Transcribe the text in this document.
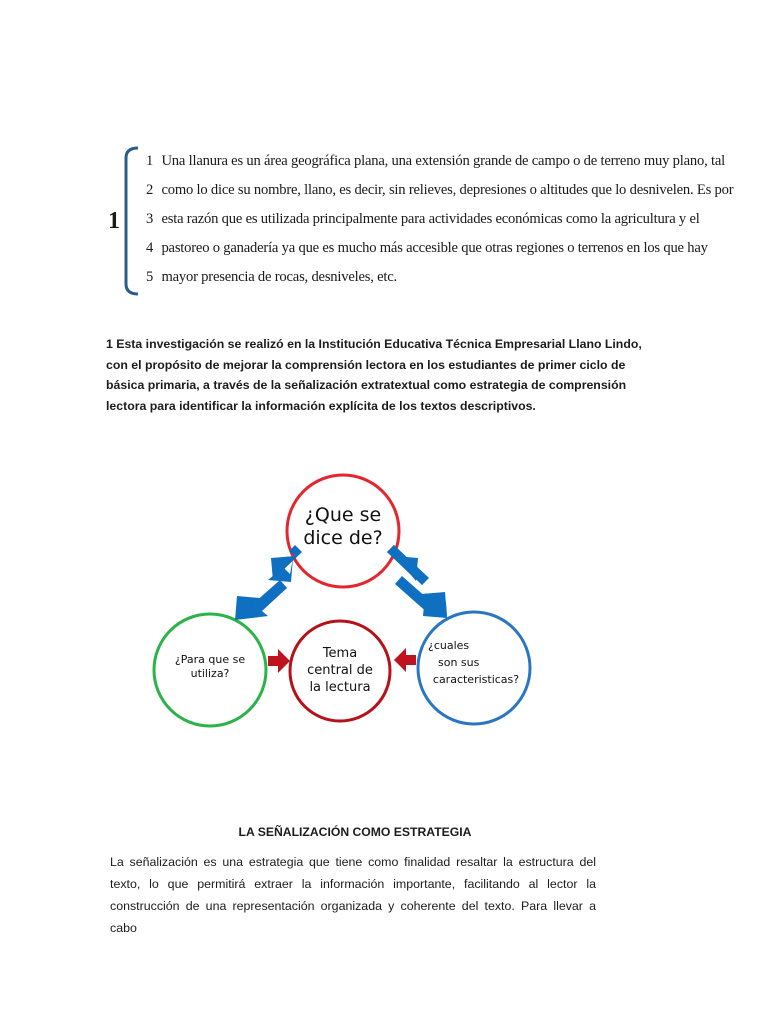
1
1 Una llanura es un área geográfica plana, una extensión grande de campo o de terreno muy plano, tal
2 como lo dice su nombre, llano, es decir, sin relieves, depresiones o altitudes que lo desnivelen. Es por
3 esta razón que es utilizada principalmente para actividades económicas como la agricultura y el
4 pastoreo o ganadería ya que es mucho más accesible que otras regiones o terrenos en los que hay
5 mayor presencia de rocas, desniveles, etc.

1 Esta investigación se realizó en la Institución Educativa Técnica Empresarial Llano Lindo, con el propósito de mejorar la comprensión lectora en los estudiantes de primer ciclo de básica primaria, a través de la señalización extratextual como estrategia de comprensión lectora para identificar la información explícita de los textos descriptivos.

¿Que se
dice de?
¿Para que se
utiliza?
Tema
central de
la lectura
¿cuales
son sus
caracteristicas?
LA SEÑALIZACIÓN COMO ESTRATEGIA

La señalización es una estrategia que tiene como finalidad resaltar la estructura del texto, lo que permitirá extraer la información importante, facilitando al lector la construcción de una representación organizada y coherente del texto. Para llevar a cabo
